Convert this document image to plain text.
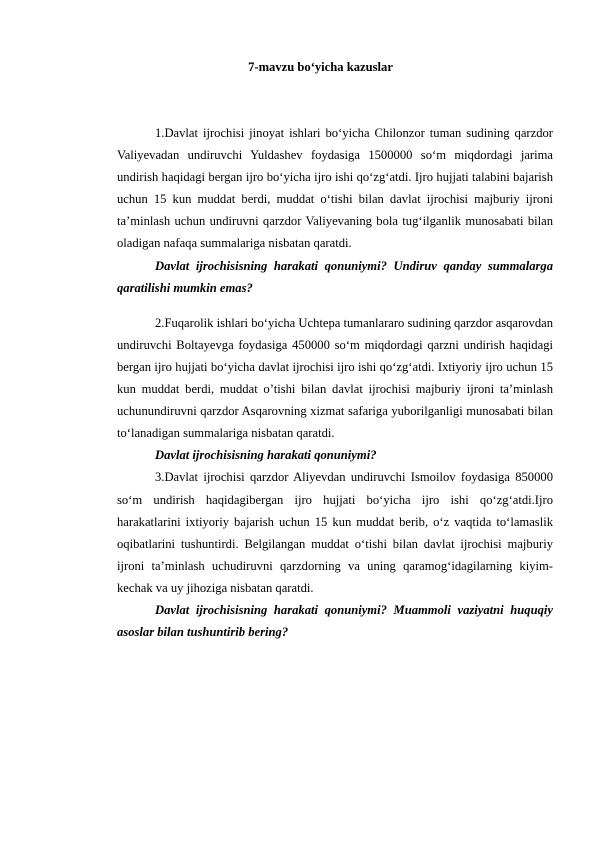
7-mavzu bo‘yicha kazuslar

1.Davlat ijrochisi jinoyat ishlari bo‘yicha Chilonzor tuman sudining qarzdor Valiyevadan undiruvchi Yuldashev foydasiga 1500000 so‘m miqdordagi jarima undirish haqidagi bergan ijro bo‘yicha ijro ishi qo‘zg‘atdi. Ijro hujjati talabini bajarish uchun 15 kun muddat berdi, muddat o‘tishi bilan davlat ijrochisi majburiy ijroni ta’minlash uchun undiruvni qarzdor Valiyevaning bola tug‘ilganlik munosabati bilan oladigan nafaqa summalariga nisbatan qaratdi.

Davlat ijrochisisning harakati qonuniymi? Undiruv qanday summalarga qaratilishi mumkin emas?

2.Fuqarolik ishlari bo‘yicha Uchtepa tumanlararo sudining qarzdor asqarovdan undiruvchi Boltayevga foydasiga 450000 so‘m miqdordagi qarzni undirish haqidagi bergan ijro hujjati bo‘yicha davlat ijrochisi ijro ishi qo‘zg‘atdi. Ixtiyoriy ijro uchun 15 kun muddat berdi, muddat o’tishi bilan davlat ijrochisi majburiy ijroni ta’minlash uchunundiruvni qarzdor Asqarovning xizmat safariga yuborilganligi munosabati bilan to‘lanadigan summalariga nisbatan qaratdi.

Davlat ijrochisisning harakati qonuniymi?

3.Davlat ijrochisi qarzdor Aliyevdan undiruvchi Ismoilov foydasiga 850000 so‘m undirish haqidagibergan ijro hujjati bo‘yicha ijro ishi qo‘zg‘atdi.Ijro harakatlarini ixtiyoriy bajarish uchun 15 kun muddat berib, o‘z vaqtida to‘lamaslik oqibatlarini tushuntirdi. Belgilangan muddat o‘tishi bilan davlat ijrochisi majburiy ijroni ta’minlash uchudiruvni qarzdorning va uning qaramog‘idagilarning kiyim-kechak va uy jihoziga nisbatan qaratdi.

Davlat ijrochisisning harakati qonuniymi? Muammoli vaziyatni huquqiy asoslar bilan tushuntirib bering?
